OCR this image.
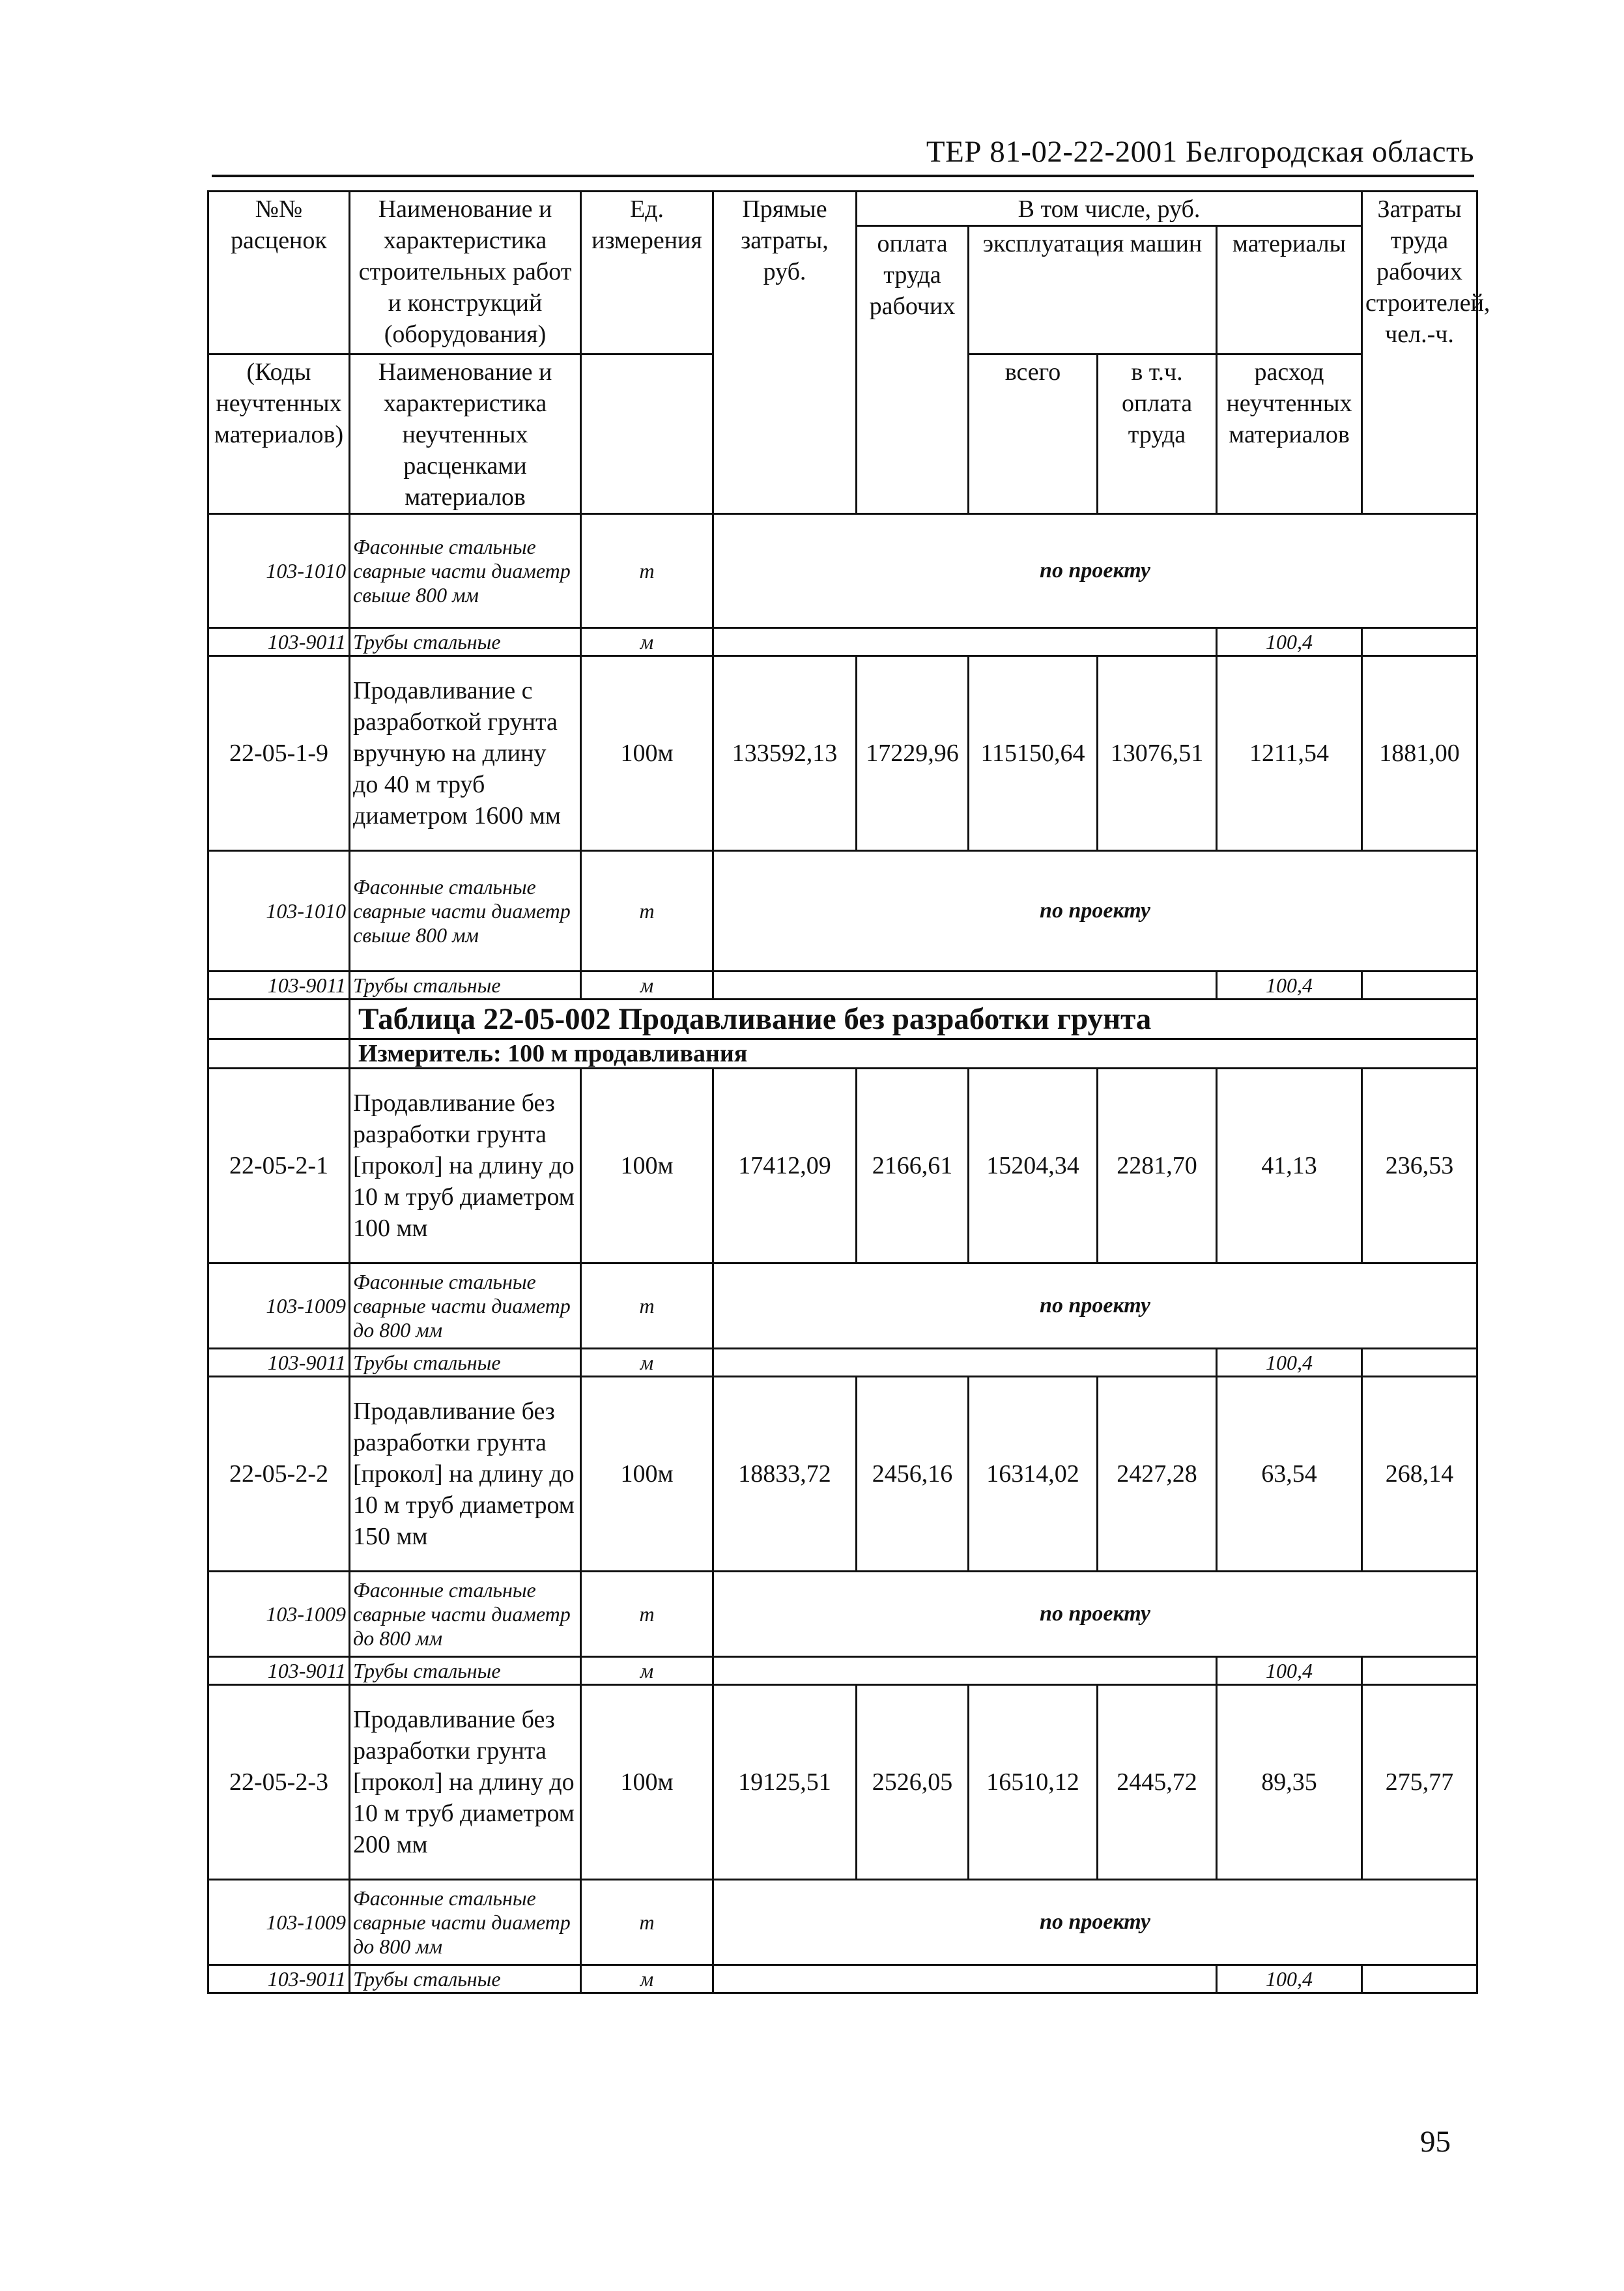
ТЕР 81-02-22-2001 Белгородская область
№№ расценок	Наименование и характеристика строительных работ и конструкций (оборудования)	Ед. измерения	Прямые затраты, руб.	В том числе, руб.				Затраты труда рабочих строителей, чел.-ч.
				оплата труда рабочих	эксплуатация машин		материалы	
(Коды неучтенных материалов)	Наименование и характеристика неучтенных расценками материалов				всего	в т.ч. оплата труда	расход неучтенных материалов	
103-1010	Фасонные стальные сварные части диаметр свыше 800 мм	т	по проекту					
103-9011	Трубы стальные	м					100,4	
22-05-1-9	Продавливание с разработкой грунта вручную на длину до 40 м труб диаметром 1600 мм	100м	133592,13	17229,96	115150,64	13076,51	1211,54	1881,00
103-1010	Фасонные стальные сварные части диаметр свыше 800 мм	т	по проекту					
103-9011	Трубы стальные	м					100,4	
	Таблица 22-05-002 Продавливание без разработки грунта							
	Измеритель: 100 м продавливания							
22-05-2-1	Продавливание без разработки грунта [прокол] на длину до 10 м труб диаметром 100 мм	100м	17412,09	2166,61	15204,34	2281,70	41,13	236,53
103-1009	Фасонные стальные сварные части диаметр до 800 мм	т	по проекту					
103-9011	Трубы стальные	м					100,4	
22-05-2-2	Продавливание без разработки грунта [прокол] на длину до 10 м труб диаметром 150 мм	100м	18833,72	2456,16	16314,02	2427,28	63,54	268,14
103-1009	Фасонные стальные сварные части диаметр до 800 мм	т	по проекту					
103-9011	Трубы стальные	м					100,4	
22-05-2-3	Продавливание без разработки грунта [прокол] на длину до 10 м труб диаметром 200 мм	100м	19125,51	2526,05	16510,12	2445,72	89,35	275,77
103-1009	Фасонные стальные сварные части диаметр до 800 мм	т	по проекту					
103-9011	Трубы стальные	м					100,4	
95
